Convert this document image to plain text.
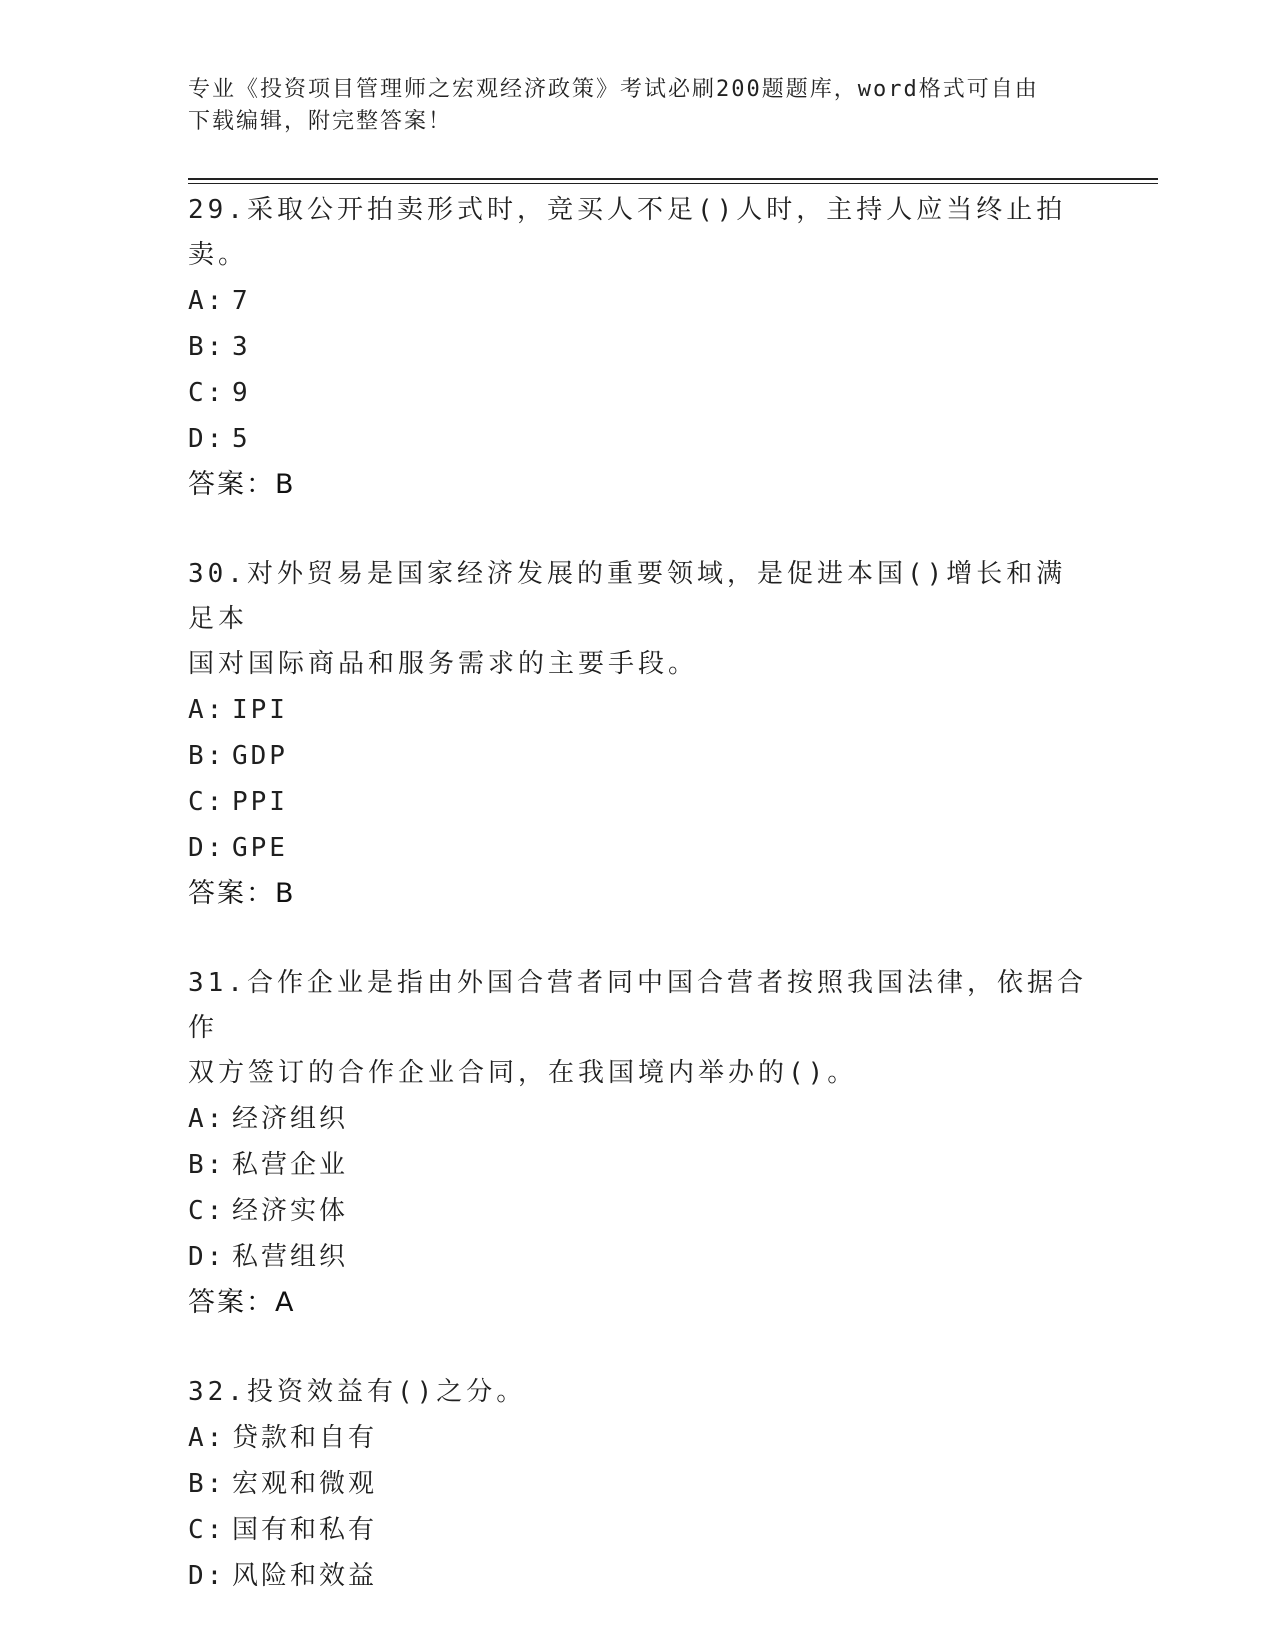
专业《投资项目管理师之宏观经济政策》考试必刷200题题库，word格式可自由
下载编辑，附完整答案！

29.采取公开拍卖形式时，竞买人不足()人时，主持人应当终止拍卖。

A: 7
B: 3
C: 9
D: 5
答案：B

30.对外贸易是国家经济发展的重要领域，是促进本国()增长和满足本
国对国际商品和服务需求的主要手段。

A: IPI
B: GDP
C: PPI
D: GPE
答案：B

31.合作企业是指由外国合营者同中国合营者按照我国法律，依据合作
双方签订的合作企业合同，在我国境内举办的()。

A: 经济组织
B: 私营企业
C: 经济实体
D: 私营组织
答案：A

32.投资效益有()之分。

A: 贷款和自有
B: 宏观和微观
C: 国有和私有
D: 风险和效益
